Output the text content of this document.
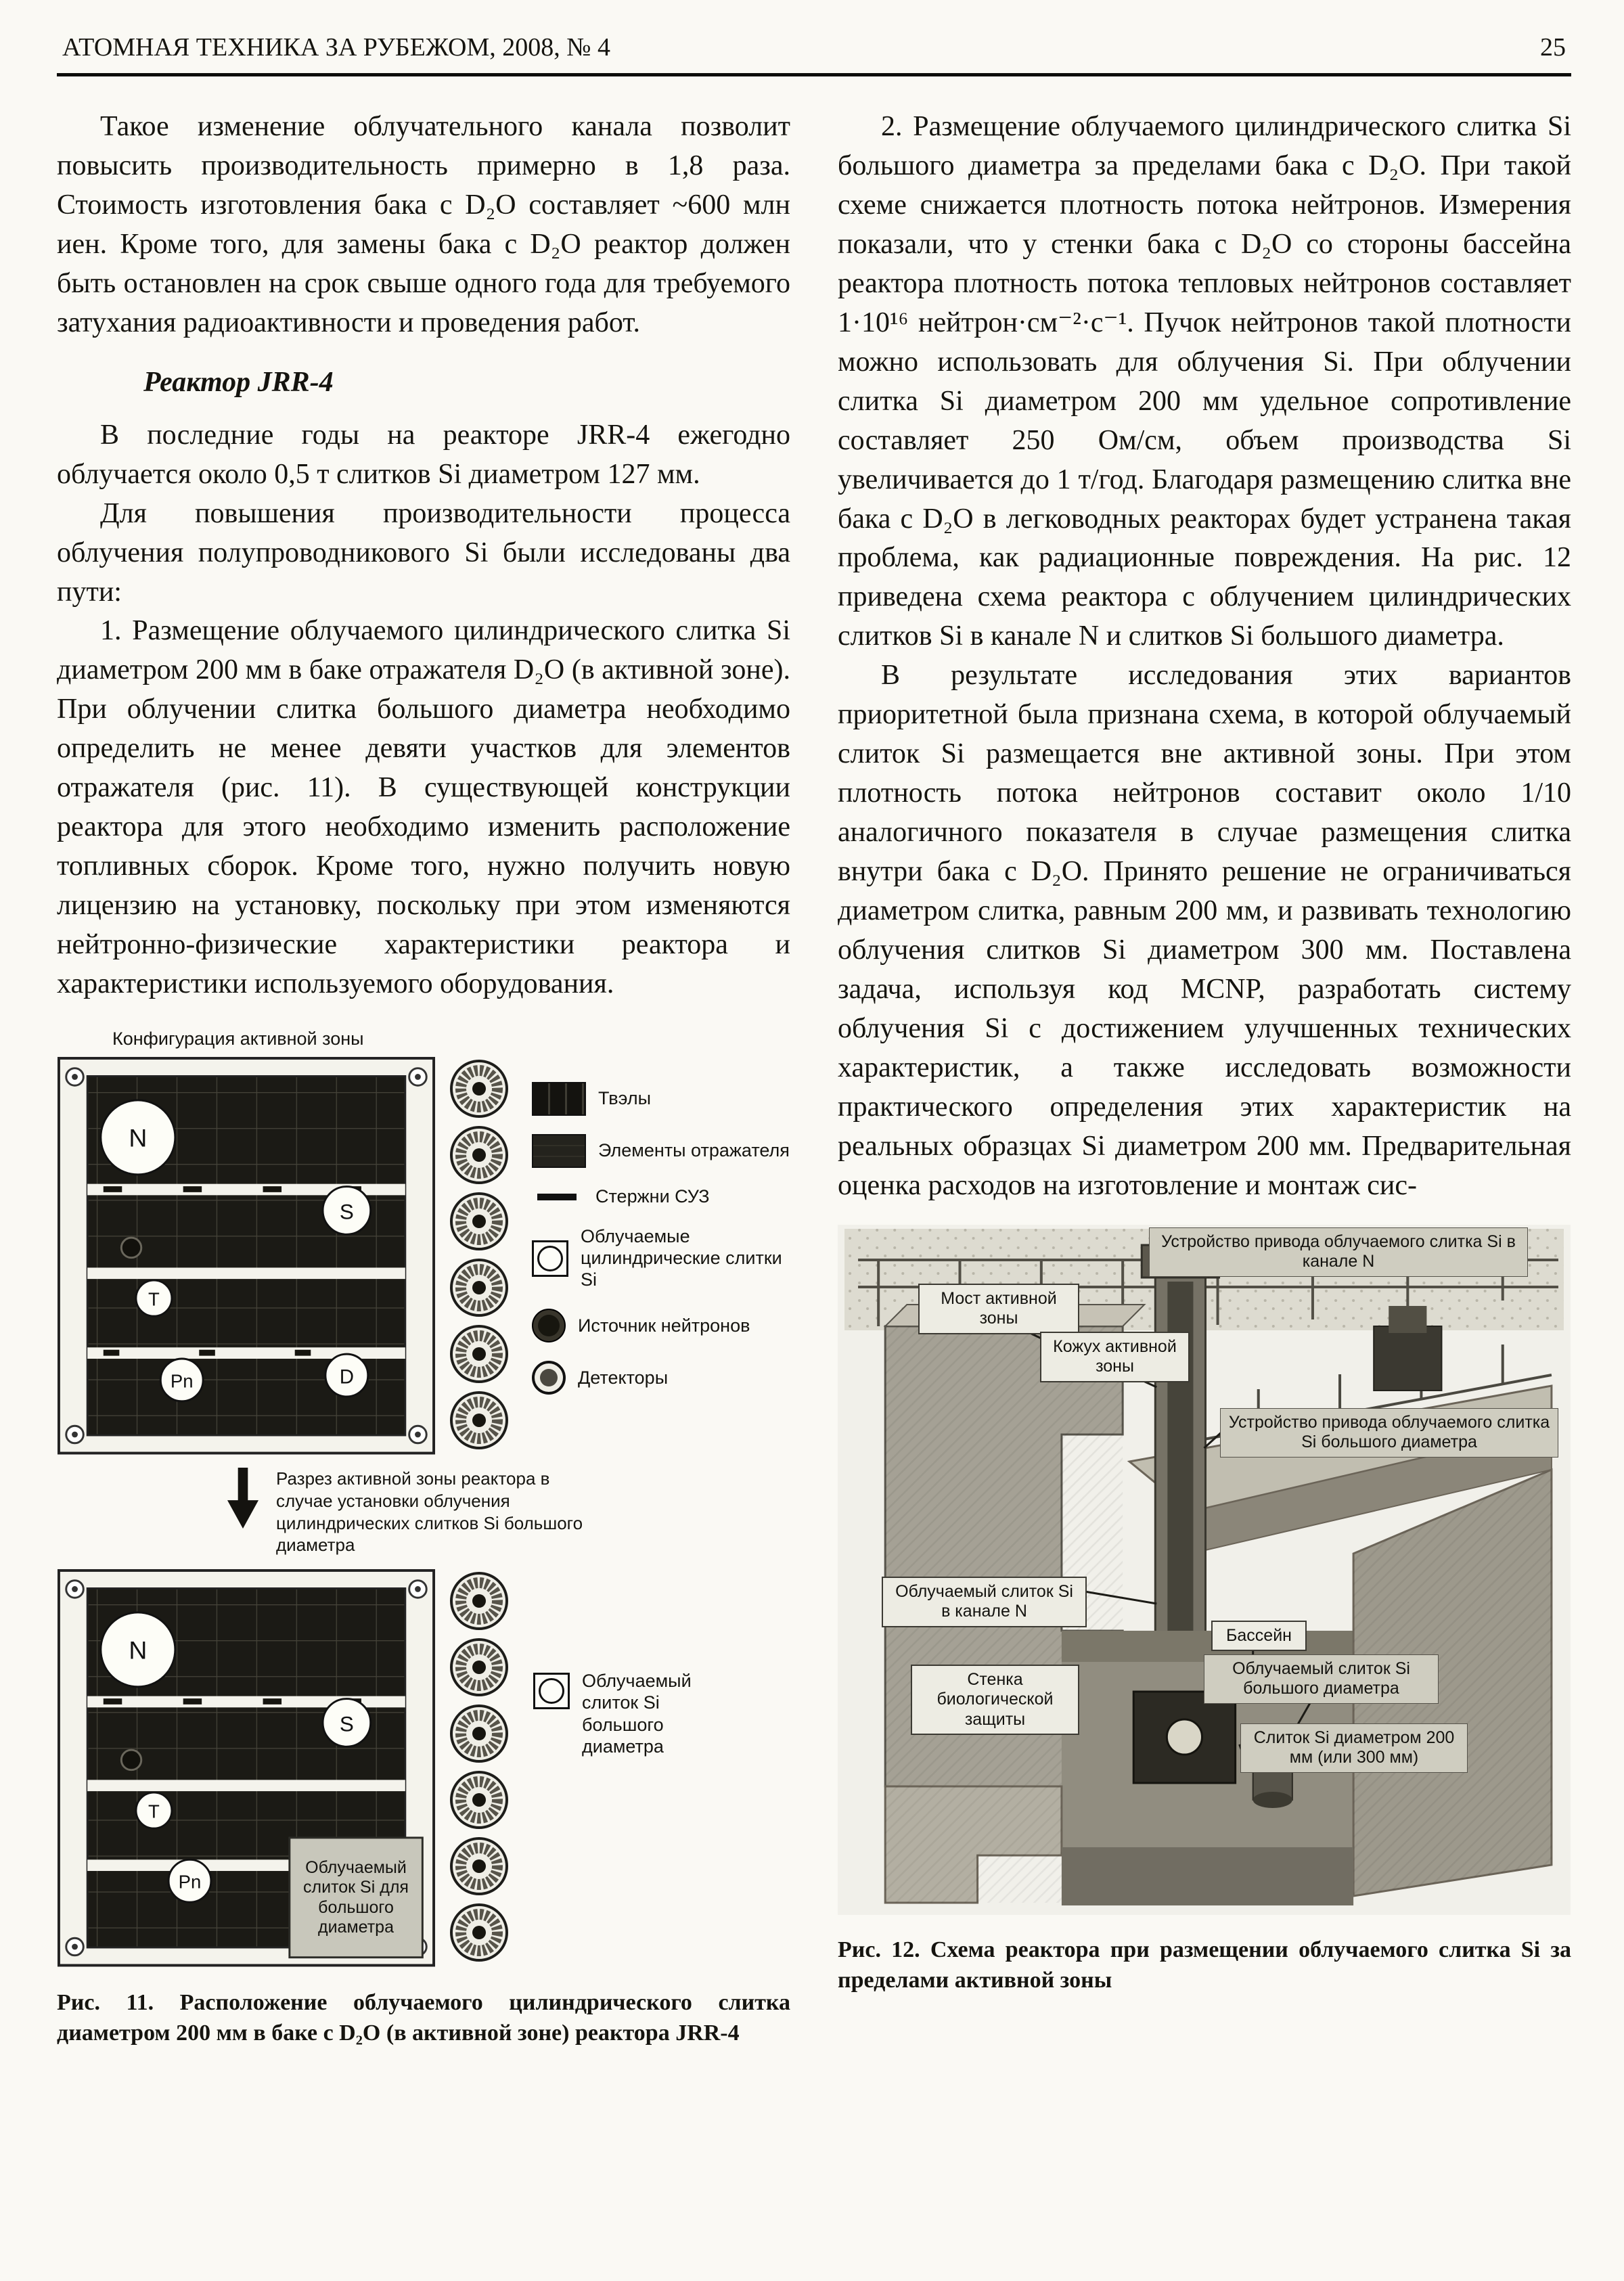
АТОМНАЯ ТЕХНИКА ЗА РУБЕЖОМ, 2008, № 4	25

Такое изменение облучательного канала позволит повысить производительность примерно в 1,8 раза. Стоимость изготовления бака с D₂O составляет ~600 млн иен. Кроме того, для замены бака с D₂O реактор должен быть остановлен на срок свыше одного года для требуемого затухания радиоактивности и проведения работ.

Реактор JRR-4

В последние годы на реакторе JRR-4 ежегодно облучается около 0,5 т слитков Si диаметром 127 мм.

Для повышения производительности процесса облучения полупроводникового Si были исследованы два пути:

1. Размещение облучаемого цилиндрического слитка Si диаметром 200 мм в баке отражателя D₂O (в активной зоне). При облучении слитка большого диаметра необходимо определить не менее девяти участков для элементов отражателя (рис. 11). В существующей конструкции реактора для этого необходимо изменить расположение топливных сборок. Кроме того, нужно получить новую лицензию на установку, поскольку при этом изменяются нейтронно-физические характеристики реактора и характеристики используемого оборудования.

Конфигурация активной зоны
N
S
T
Pn	D
Твэлы
Элементы отражателя
Стержни СУЗ
Облучаемые цилиндрические слитки Si
Источник нейтронов
Детекторы
Разрез активной зоны реактора в случае установки облучения цилиндрических слитков Si большого диаметра
N
S
T
Pn
Облучаемый слиток Si для большого диаметра
Облучаемый слиток Si большого диаметра

Рис. 11. Расположение облучаемого цилиндрического слитка диаметром 200 мм в баке с D₂O (в активной зоне) реактора JRR-4

2. Размещение облучаемого цилиндрического слитка Si большого диаметра за пределами бака с D₂O. При такой схеме снижается плотность потока нейтронов. Измерения показали, что у стенки бака с D₂O со стороны бассейна реактора плотность потока тепловых нейтронов составляет 1·10¹⁶ нейтрон·см⁻²·с⁻¹. Пучок нейтронов такой плотности можно использовать для облучения Si. При облучении слитка Si диаметром 200 мм удельное сопротивление составляет 250 Ом/см, объем производства Si увеличивается до 1 т/год. Благодаря размещению слитка вне бака с D₂O в легководных реакторах будет устранена такая проблема, как радиационные повреждения. На рис. 12 приведена схема реактора с облучением цилиндрических слитков Si в канале N и слитков Si большого диаметра.

В результате исследования этих вариантов приоритетной была признана схема, в которой облучаемый слиток Si размещается вне активной зоны. При этом плотность потока нейтронов составит около 1/10 аналогичного показателя в случае размещения слитка внутри бака с D₂O. Принято решение не ограничиваться диаметром слитка, равным 200 мм, и развивать технологию облучения слитков Si диаметром 300 мм. Поставлена задача, используя код MCNP, разработать систему облучения Si с достижением улучшенных технических характеристик, а также исследовать возможности практического определения этих характеристик на реальных образцах Si диаметром 200 мм. Предварительная оценка расходов на изготовление и монтаж сис-

Устройство привода облучаемого слитка Si в канале N
Мост активной зоны
Кожух активной зоны
Устройство привода облучаемого слитка Si большого диаметра
Облучаемый слиток Si в канале N
Бассейн
Облучаемый слиток Si большого диаметра
Стенка биологической защиты
Слиток Si диаметром 200 мм (или 300 мм)

Рис. 12. Схема реактора при размещении облучаемого слитка Si за пределами активной зоны
